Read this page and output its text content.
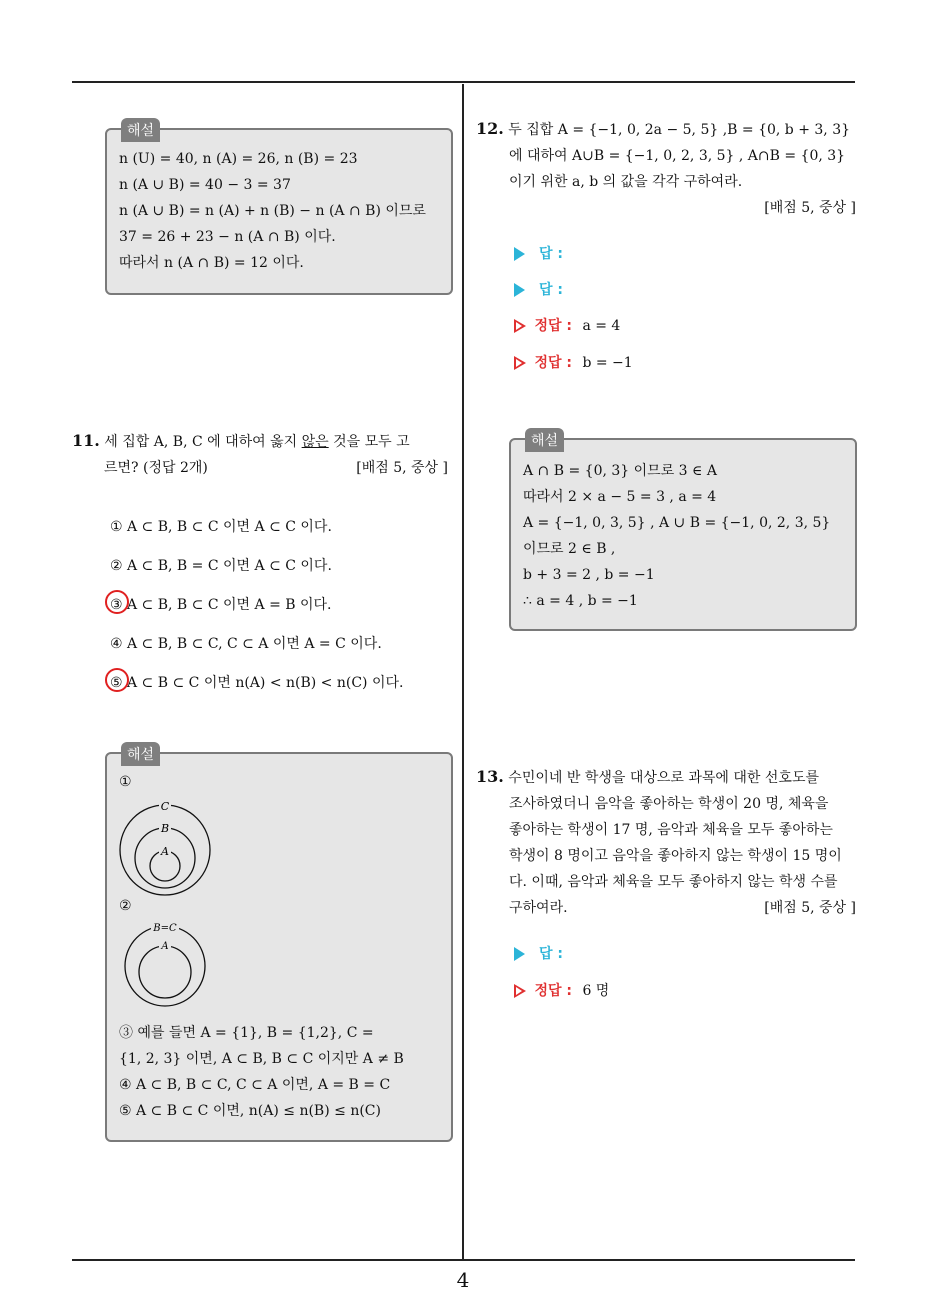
4
해설
n (U) = 40, n (A) = 26, n (B) = 23
n (A ∪ B) = 40 − 3 = 37
n (A ∪ B) = n (A) + n (B) − n (A ∩ B) 이므로
37 = 26 + 23 − n (A ∩ B) 이다.
따라서 n (A ∩ B) = 12 이다.
11. 세 집합 A, B, C 에 대하여 옳지 않은 것을 모두 고
르면? (정답 2개)	[배점 5, 중상 ]
① A ⊂ B, B ⊂ C 이면 A ⊂ C 이다.
② A ⊂ B, B = C 이면 A ⊂ C 이다.
③ A ⊂ B, B ⊂ C 이면 A = B 이다.
④ A ⊂ B, B ⊂ C, C ⊂ A 이면 A = C 이다.
⑤ A ⊂ B ⊂ C 이면 n(A) < n(B) < n(C) 이다.
해설
①
C
B
A
②
B=C
A
③ 예를 들면 A = {1}, B = {1,2}, C =
{1, 2, 3} 이면, A ⊂ B, B ⊂ C 이지만 A ≠ B
④ A ⊂ B, B ⊂ C, C ⊂ A 이면, A = B = C
⑤ A ⊂ B ⊂ C 이면, n(A) ≤ n(B) ≤ n(C)
12. 두 집합 A = {−1, 0, 2a − 5, 5} ,B = {0, b + 3, 3}
에 대하여 A∪B = {−1, 0, 2, 3, 5} , A∩B = {0, 3}
이기 위한 a, b 의 값을 각각 구하여라.
[배점 5, 중상 ]
답 :
답 :
정답 : a = 4
정답 : b = −1
해설
A ∩ B = {0, 3} 이므로 3 ∈ A
따라서 2 × a − 5 = 3 , a = 4
A = {−1, 0, 3, 5} , A ∪ B = {−1, 0, 2, 3, 5}
이므로 2 ∈ B ,
b + 3 = 2 , b = −1
∴ a = 4 , b = −1
13. 수민이네 반 학생을 대상으로 과목에 대한 선호도를
조사하였더니 음악을 좋아하는 학생이 20 명, 체육을
좋아하는 학생이 17 명, 음악과 체육을 모두 좋아하는
학생이 8 명이고 음악을 좋아하지 않는 학생이 15 명이
다. 이때, 음악과 체육을 모두 좋아하지 않는 학생 수를
구하여라.	[배점 5, 중상 ]
답 :
정답 : 6 명
